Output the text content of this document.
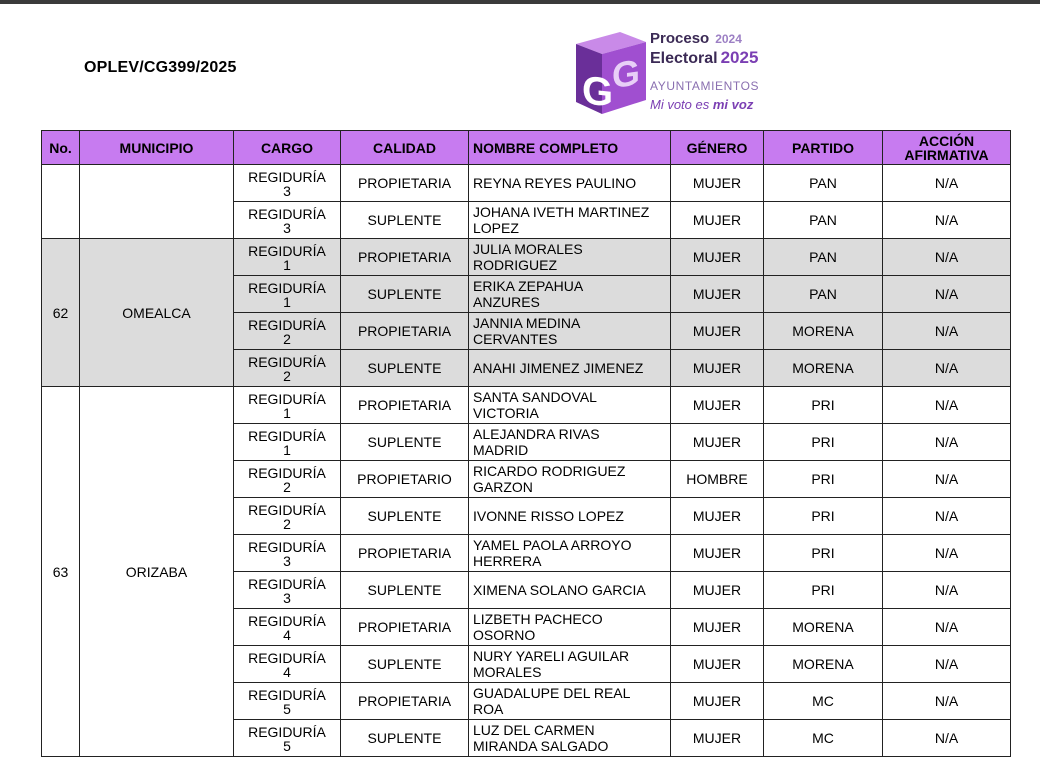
OPLEV/CG399/2025
G
G
Proceso 2024
Electoral 2025
AYUNTAMIENTOS
Mi voto es mi voz
No.	MUNICIPIO	CARGO	CALIDAD	NOMBRE COMPLETO	GÉNERO	PARTIDO	ACCIÓN
AFIRMATIVA
		REGIDURÍA
3	PROPIETARIA	REYNA REYES PAULINO	MUJER	PAN	N/A
		REGIDURÍA
3	SUPLENTE	JOHANA IVETH MARTINEZ
LOPEZ	MUJER	PAN	N/A
62	OMEALCA	REGIDURÍA
1	PROPIETARIA	JULIA MORALES
RODRIGUEZ	MUJER	PAN	N/A
		REGIDURÍA
1	SUPLENTE	ERIKA ZEPAHUA
ANZURES	MUJER	PAN	N/A
		REGIDURÍA
2	PROPIETARIA	JANNIA MEDINA
CERVANTES	MUJER	MORENA	N/A
		REGIDURÍA
2	SUPLENTE	ANAHI JIMENEZ JIMENEZ	MUJER	MORENA	N/A
63	ORIZABA	REGIDURÍA
1	PROPIETARIA	SANTA SANDOVAL
VICTORIA	MUJER	PRI	N/A
		REGIDURÍA
1	SUPLENTE	ALEJANDRA RIVAS
MADRID	MUJER	PRI	N/A
		REGIDURÍA
2	PROPIETARIO	RICARDO RODRIGUEZ
GARZON	HOMBRE	PRI	N/A
		REGIDURÍA
2	SUPLENTE	IVONNE RISSO LOPEZ	MUJER	PRI	N/A
		REGIDURÍA
3	PROPIETARIA	YAMEL PAOLA ARROYO
HERRERA	MUJER	PRI	N/A
		REGIDURÍA
3	SUPLENTE	XIMENA SOLANO GARCIA	MUJER	PRI	N/A
		REGIDURÍA
4	PROPIETARIA	LIZBETH PACHECO
OSORNO	MUJER	MORENA	N/A
		REGIDURÍA
4	SUPLENTE	NURY YARELI AGUILAR
MORALES	MUJER	MORENA	N/A
		REGIDURÍA
5	PROPIETARIA	GUADALUPE DEL REAL
ROA	MUJER	MC	N/A
		REGIDURÍA
5	SUPLENTE	LUZ DEL CARMEN
MIRANDA SALGADO	MUJER	MC	N/A
